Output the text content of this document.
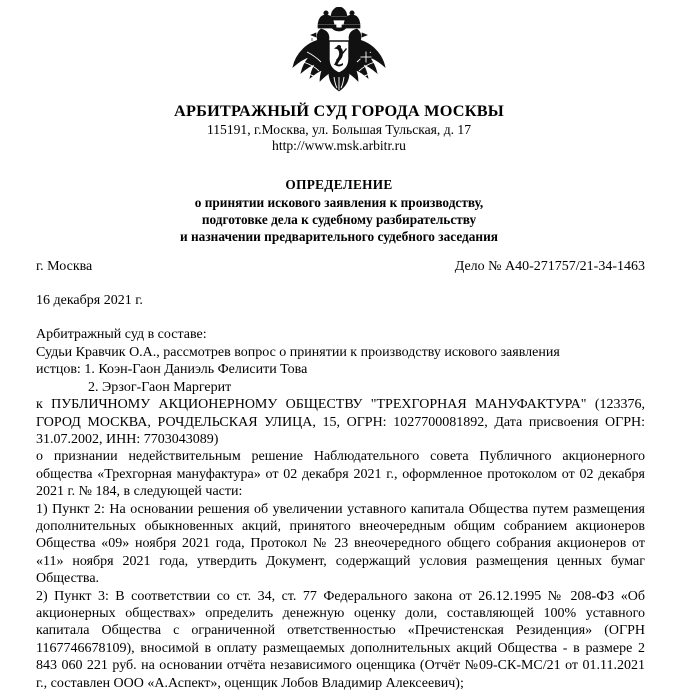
АРБИТРАЖНЫЙ СУД ГОРОДА МОСКВЫ
115191, г.Москва, ул. Большая Тульская, д. 17
http://www.msk.arbitr.ru
ОПРЕДЕЛЕНИЕ
о принятии искового заявления к производству,
подготовке дела к судебному разбирательству
и назначении предварительного судебного заседания
г. Москва	Дело № А40-271757/21-34-1463
16 декабря 2021 г.

Арбитражный суд в составе:

Судьи Кравчик О.А., рассмотрев вопрос о принятии к производству искового заявления

истцов: 1. Коэн-Гаон Даниэль Фелисити Това

2. Эрзог-Гаон Маргерит

к ПУБЛИЧНОМУ АКЦИОНЕРНОМУ ОБЩЕСТВУ "ТРЕХГОРНАЯ МАНУФАКТУРА" (123376, ГОРОД МОСКВА, РОЧДЕЛЬСКАЯ УЛИЦА, 15, ОГРН: 1027700081892, Дата присвоения ОГРН: 31.07.2002, ИНН: 7703043089)

о признании недействительным решение Наблюдательного совета Публичного акционерного общества «Трехгорная мануфактура» от 02 декабря 2021 г., оформленное протоколом от 02 декабря 2021 г. № 184, в следующей части:

1) Пункт 2: На основании решения об увеличении уставного капитала Общества путем размещения дополнительных обыкновенных акций, принятого внеочередным общим собранием акционеров Общества «09» ноября 2021 года, Протокол № 23 внеочередного общего собрания акционеров от «11» ноября 2021 года, утвердить Документ, содержащий условия размещения ценных бумаг Общества.

2) Пункт 3: В соответствии со ст. 34, ст. 77 Федерального закона от 26.12.1995 № 208-ФЗ «Об акционерных обществах» определить денежную оценку доли, составляющей 100% уставного капитала Общества с ограниченной ответственностью «Пречистенская Резиденция» (ОГРН 1167746678109), вносимой в оплату размещаемых дополнительных акций Общества - в размере 2 843 060 221 руб. на основании отчёта независимого оценщика (Отчёт №09-СК-МС/21 от 01.11.2021 г., составлен ООО «А.Аспект», оценщик Лобов Владимир Алексеевич);
